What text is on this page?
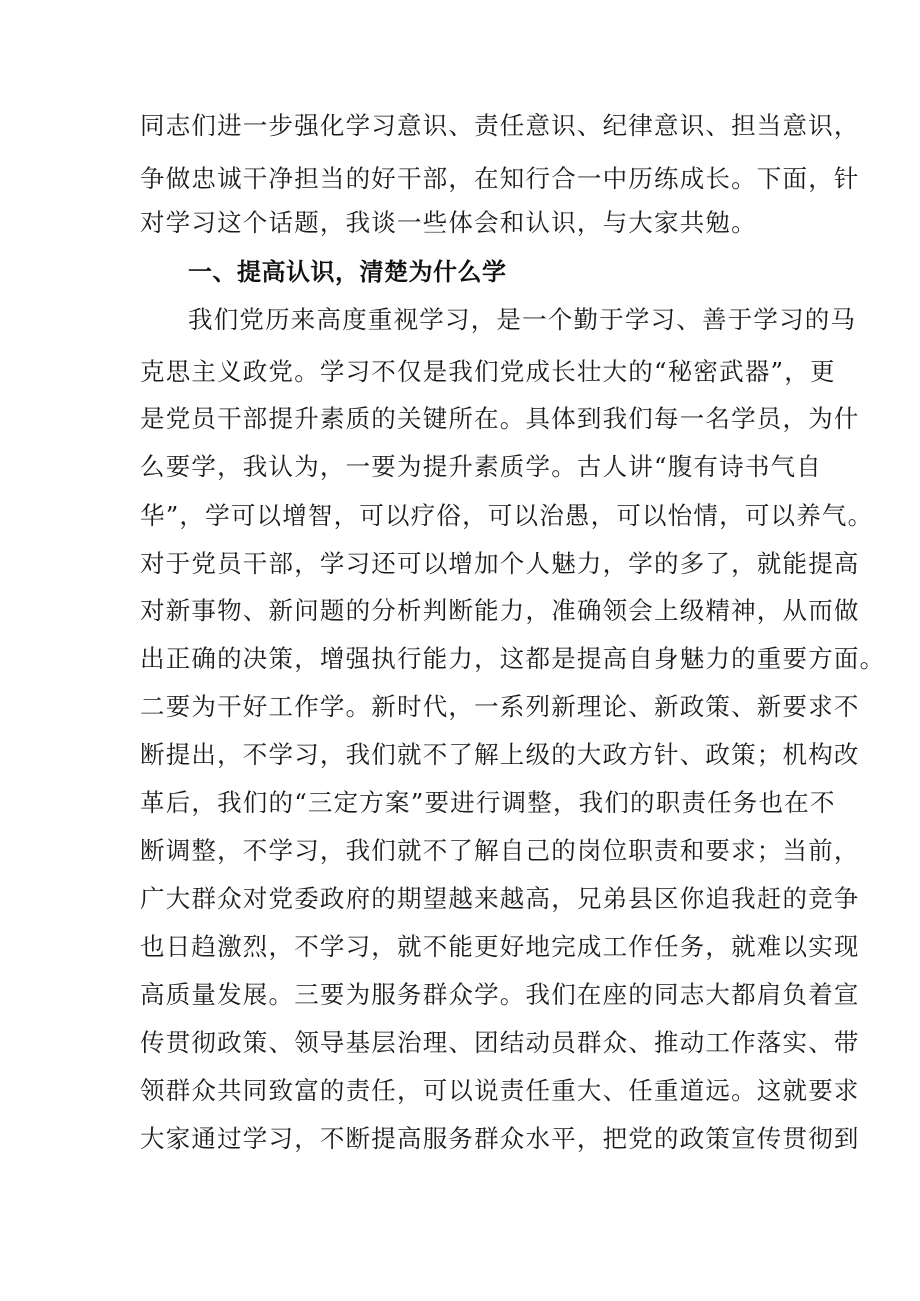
同志们进一步强化学习意识、责任意识、纪律意识、担当意识，
争做忠诚干净担当的好干部，在知行合一中历练成长。下面，针
对学习这个话题，我谈一些体会和认识，与大家共勉。
一、提高认识，清楚为什么学
我们党历来高度重视学习，是一个勤于学习、善于学习的马
克思主义政党。学习不仅是我们党成长壮大的“秘密武器”，更
是党员干部提升素质的关键所在。具体到我们每一名学员，为什
么要学，我认为，一要为提升素质学。古人讲“腹有诗书气自
华”，学可以增智，可以疗俗，可以治愚，可以怡情，可以养气。
对于党员干部，学习还可以增加个人魅力，学的多了，就能提高
对新事物、新问题的分析判断能力，准确领会上级精神，从而做
出正确的决策，增强执行能力，这都是提高自身魅力的重要方面。
二要为干好工作学。新时代，一系列新理论、新政策、新要求不
断提出，不学习，我们就不了解上级的大政方针、政策；机构改
革后，我们的“三定方案”要进行调整，我们的职责任务也在不
断调整，不学习，我们就不了解自己的岗位职责和要求；当前，
广大群众对党委政府的期望越来越高，兄弟县区你追我赶的竞争
也日趋激烈，不学习，就不能更好地完成工作任务，就难以实现
高质量发展。三要为服务群众学。我们在座的同志大都肩负着宣
传贯彻政策、领导基层治理、团结动员群众、推动工作落实、带
领群众共同致富的责任，可以说责任重大、任重道远。这就要求
大家通过学习，不断提高服务群众水平，把党的政策宣传贯彻到
